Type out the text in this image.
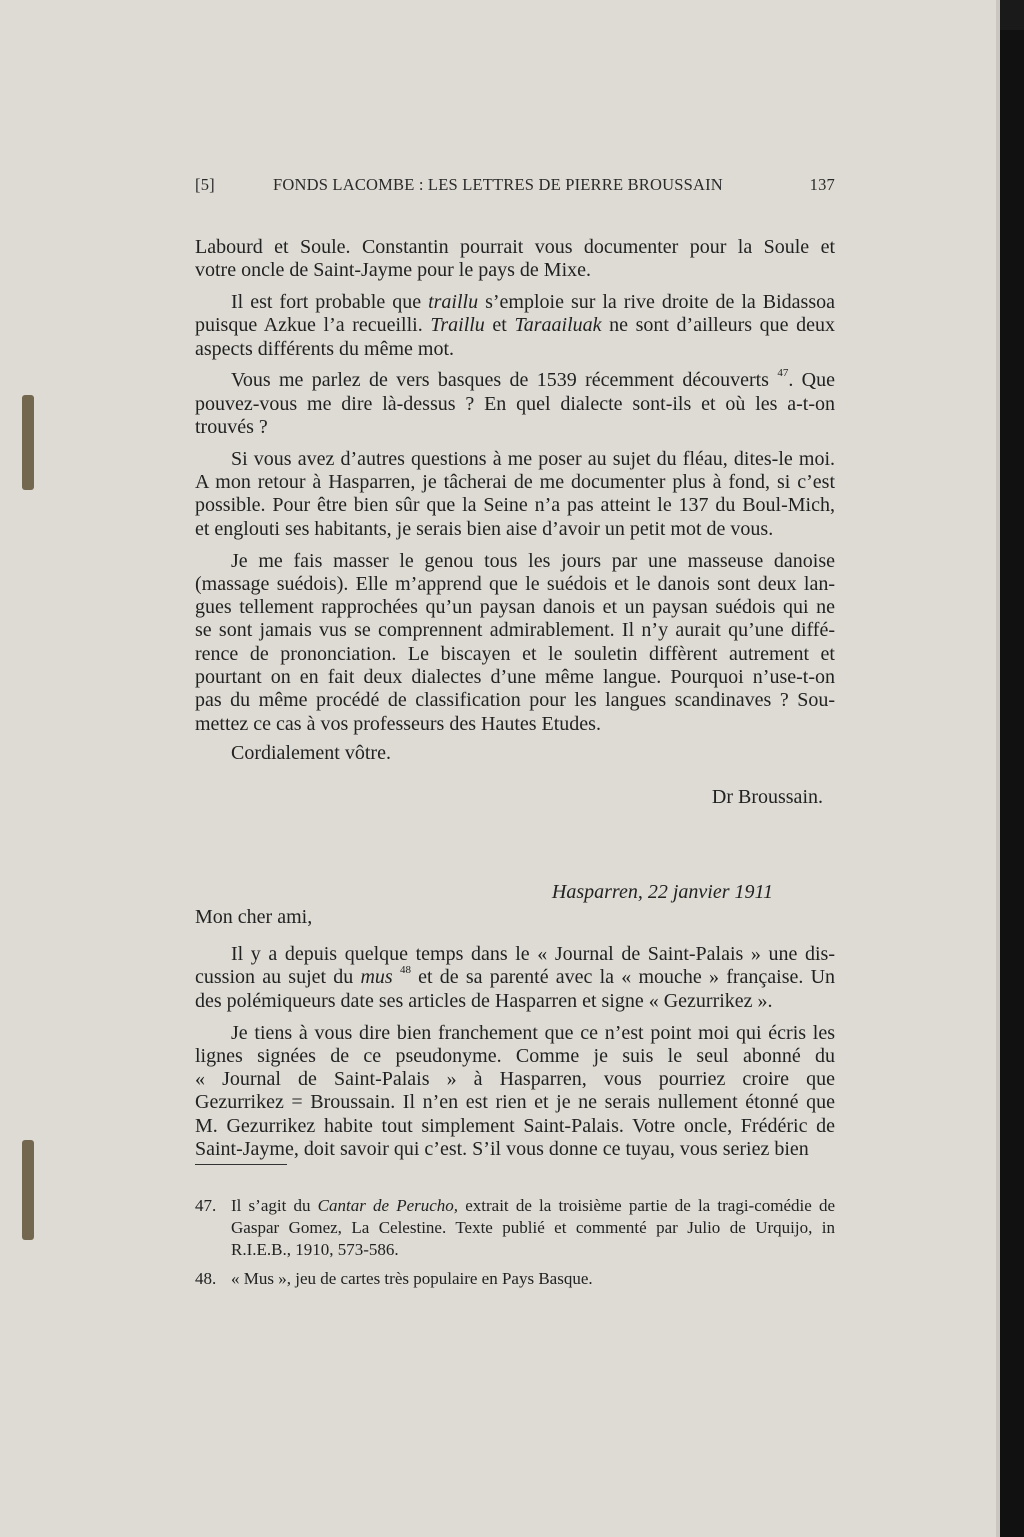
[5]	FONDS LACOMBE : LES LETTRES DE PIERRE BROUSSAIN	137
Labourd et Soule. Constantin pourrait vous documenter pour la Soule et
votre oncle de Saint-Jayme pour le pays de Mixe.
Il est fort probable que traillu s’emploie sur la rive droite de la Bidassoa
puisque Azkue l’a recueilli. Traillu et Taraailuak ne sont d’ailleurs que deux
aspects différents du même mot.
Vous me parlez de vers basques de 1539 récemment découverts $^{47}$. Que
pouvez-vous me dire là-dessus ? En quel dialecte sont-ils et où les a-t-on
trouvés ?
Si vous avez d’autres questions à me poser au sujet du fléau, dites-le moi.
A mon retour à Hasparren, je tâcherai de me documenter plus à fond, si c’est
possible. Pour être bien sûr que la Seine n’a pas atteint le 137 du Boul-Mich,
et englouti ses habitants, je serais bien aise d’avoir un petit mot de vous.
Je me fais masser le genou tous les jours par une masseuse danoise
(massage suédois). Elle m’apprend que le suédois et le danois sont deux lan-
gues tellement rapprochées qu’un paysan danois et un paysan suédois qui ne
se sont jamais vus se comprennent admirablement. Il n’y aurait qu’une diffé-
rence de prononciation. Le biscayen et le souletin diffèrent autrement et
pourtant on en fait deux dialectes d’une même langue. Pourquoi n’use-t-on
pas du même procédé de classification pour les langues scandinaves ? Sou-
mettez ce cas à vos professeurs des Hautes Etudes.
Cordialement vôtre.
Dr Broussain.
Hasparren, 22 janvier 1911
Mon cher ami,
Il y a depuis quelque temps dans le « Journal de Saint-Palais » une dis-
cussion au sujet du mus $^{48}$ et de sa parenté avec la « mouche » française. Un
des polémiqueurs date ses articles de Hasparren et signe « Gezurrikez ».
Je tiens à vous dire bien franchement que ce n’est point moi qui écris les
lignes signées de ce pseudonyme. Comme je suis le seul abonné du
« Journal de Saint-Palais » à Hasparren, vous pourriez croire que
Gezurrikez = Broussain. Il n’en est rien et je ne serais nullement étonné que
M. Gezurrikez habite tout simplement Saint-Palais. Votre oncle, Frédéric de
Saint-Jayme, doit savoir qui c’est. S’il vous donne ce tuyau, vous seriez bien
47. Il s’agit du Cantar de Perucho, extrait de la troisième partie de la tragi-comédie de
Gaspar Gomez, La Celestine. Texte publié et commenté par Julio de Urquijo, in
R.I.E.B., 1910, 573-586.
48. « Mus », jeu de cartes très populaire en Pays Basque.
